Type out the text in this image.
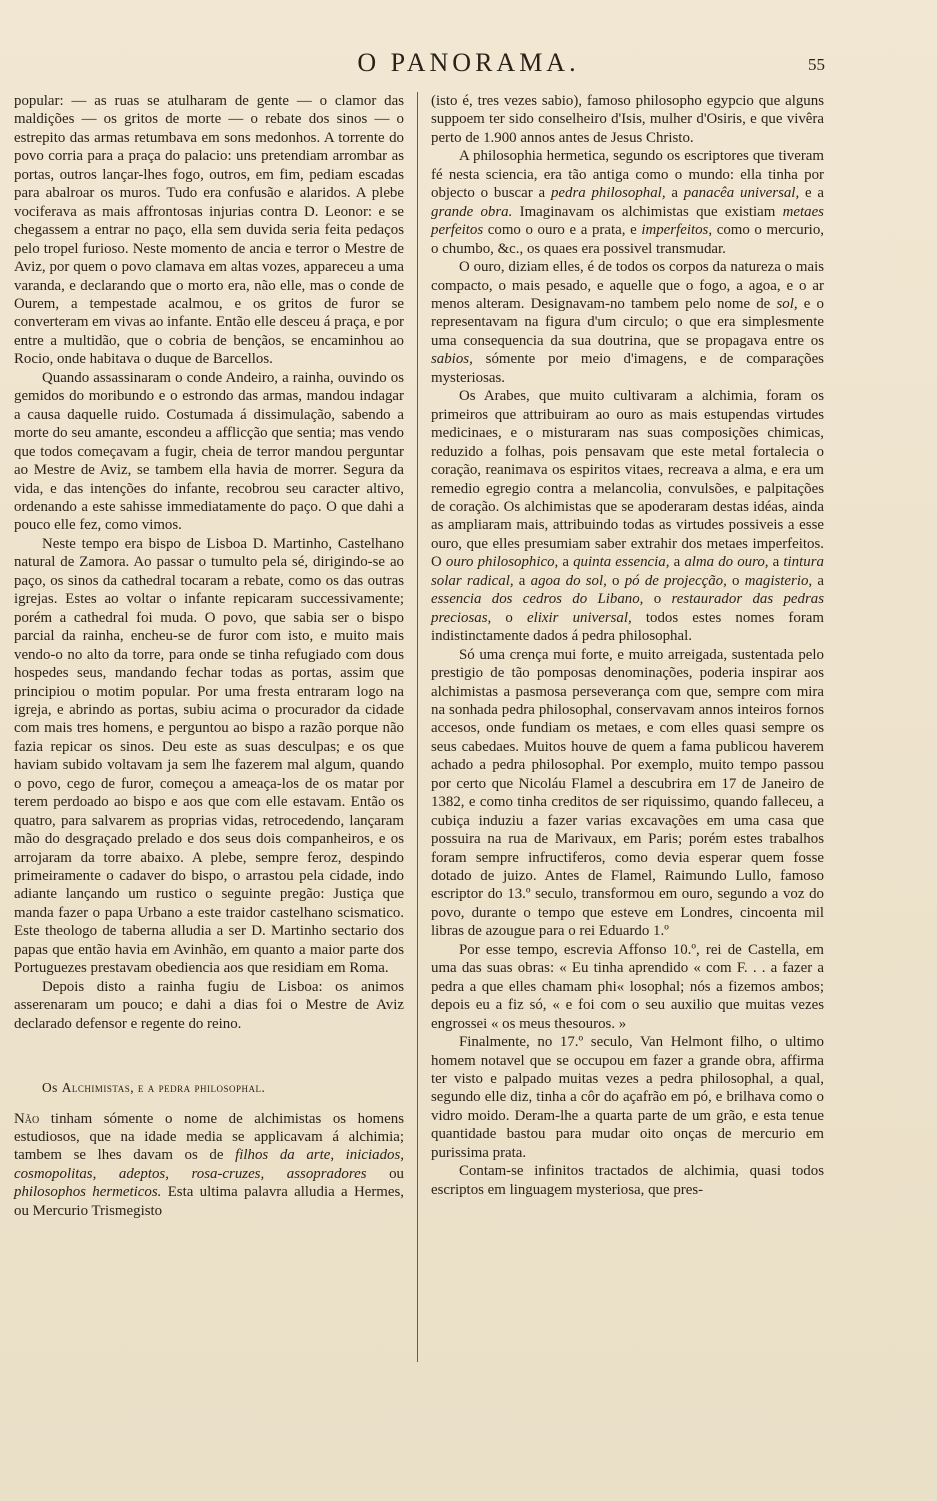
O PANORAMA.	55

popular: — as ruas se atulharam de gente — o clamor das maldições — os gritos de morte — o rebate dos sinos — o estrepito das armas retumbava em sons medonhos. A torrente do povo corria para a praça do palacio: uns pretendiam arrombar as portas, outros lançar-lhes fogo, outros, em fim, pediam escadas para abalroar os muros. Tudo era confusão e alaridos. A plebe vociferava as mais affrontosas injurias contra D. Leonor: e se chegassem a entrar no paço, ella sem duvida seria feita pedaços pelo tropel furioso. Neste momento de ancia e terror o Mestre de Aviz, por quem o povo clamava em altas vozes, appareceu a uma varanda, e declarando que o morto era, não elle, mas o conde de Ourem, a tempestade acalmou, e os gritos de furor se converteram em vivas ao infante. Então elle desceu á praça, e por entre a multidão, que o cobria de bençãos, se encaminhou ao Rocio, onde habitava o duque de Barcellos.

Quando assassinaram o conde Andeiro, a rainha, ouvindo os gemidos do moribundo e o estrondo das armas, mandou indagar a causa daquelle ruido. Costumada á dissimulação, sabendo a morte do seu amante, escondeu a afflicção que sentia; mas vendo que todos começavam a fugir, cheia de terror mandou perguntar ao Mestre de Aviz, se tambem ella havia de morrer. Segura da vida, e das intenções do infante, recobrou seu caracter altivo, ordenando a este sahisse immediatamente do paço. O que dahi a pouco elle fez, como vimos.

Neste tempo era bispo de Lisboa D. Martinho, Castelhano natural de Zamora. Ao passar o tumulto pela sé, dirigindo-se ao paço, os sinos da cathedral tocaram a rebate, como os das outras igrejas. Estes ao voltar o infante repicaram successivamente; porém a cathedral foi muda. O povo, que sabia ser o bispo parcial da rainha, encheu-se de furor com isto, e muito mais vendo-o no alto da torre, para onde se tinha refugiado com dous hospedes seus, mandando fechar todas as portas, assim que principiou o motim popular. Por uma fresta entraram logo na igreja, e abrindo as portas, subiu acima o procurador da cidade com mais tres homens, e perguntou ao bispo a razão porque não fazia repicar os sinos. Deu este as suas desculpas; e os que haviam subido voltavam ja sem lhe fazerem mal algum, quando o povo, cego de furor, começou a ameaça-los de os matar por terem perdoado ao bispo e aos que com elle estavam. Então os quatro, para salvarem as proprias vidas, retrocedendo, lançaram mão do desgraçado prelado e dos seus dois companheiros, e os arrojaram da torre abaixo. A plebe, sempre feroz, despindo primeiramente o cadaver do bispo, o arrastou pela cidade, indo adiante lançando um rustico o seguinte pregão: Justiça que manda fazer o papa Urbano a este traidor castelhano scismatico. Este theologo de taberna alludia a ser D. Martinho sectario dos papas que então havia em Avinhão, em quanto a maior parte dos Portuguezes prestavam obediencia aos que residiam em Roma.

Depois disto a rainha fugiu de Lisboa: os animos asserenaram um pouco; e dahi a dias foi o Mestre de Aviz declarado defensor e regente do reino.

Os Alchimistas, e a pedra philosophal.

Não tinham sómente o nome de alchimistas os homens estudiosos, que na idade media se applicavam á alchimia; tambem se lhes davam os de filhos da arte, iniciados, cosmopolitas, adeptos, rosa-cruzes, assopradores ou philosophos hermeticos. Esta ultima palavra alludia a Hermes, ou Mercurio Trismegisto

(isto é, tres vezes sabio), famoso philosopho egypcio que alguns suppoem ter sido conselheiro d'Isis, mulher d'Osiris, e que vivêra perto de 1.900 annos antes de Jesus Christo.

A philosophia hermetica, segundo os escriptores que tiveram fé nesta sciencia, era tão antiga como o mundo: ella tinha por objecto o buscar a pedra philosophal, a panacêa universal, e a grande obra. Imaginavam os alchimistas que existiam metaes perfeitos como o ouro e a prata, e imperfeitos, como o mercurio, o chumbo, &c., os quaes era possivel transmudar.

O ouro, diziam elles, é de todos os corpos da natureza o mais compacto, o mais pesado, e aquelle que o fogo, a agoa, e o ar menos alteram. Designavam-no tambem pelo nome de sol, e o representavam na figura d'um circulo; o que era simplesmente uma consequencia da sua doutrina, que se propagava entre os sabios, sómente por meio d'imagens, e de comparações mysteriosas.

Os Arabes, que muito cultivaram a alchimia, foram os primeiros que attribuiram ao ouro as mais estupendas virtudes medicinaes, e o misturaram nas suas composições chimicas, reduzido a folhas, pois pensavam que este metal fortalecia o coração, reanimava os espiritos vitaes, recreava a alma, e era um remedio egregio contra a melancolia, convulsões, e palpitações de coração. Os alchimistas que se apoderaram destas idéas, ainda as ampliaram mais, attribuindo todas as virtudes possiveis a esse ouro, que elles presumiam saber extrahir dos metaes imperfeitos. O ouro philosophico, a quinta essencia, a alma do ouro, a tintura solar radical, a agoa do sol, o pó de projecção, o magisterio, a essencia dos cedros do Libano, o restaurador das pedras preciosas, o elixir universal, todos estes nomes foram indistinctamente dados á pedra philosophal.

Só uma crença mui forte, e muito arreigada, sustentada pelo prestigio de tão pomposas denominações, poderia inspirar aos alchimistas a pasmosa perseverança com que, sempre com mira na sonhada pedra philosophal, conservavam annos inteiros fornos accesos, onde fundiam os metaes, e com elles quasi sempre os seus cabedaes. Muitos houve de quem a fama publicou haverem achado a pedra philosophal. Por exemplo, muito tempo passou por certo que Nicoláu Flamel a descubrira em 17 de Janeiro de 1382, e como tinha creditos de ser riquissimo, quando falleceu, a cubiça induziu a fazer varias excavações em uma casa que possuira na rua de Marivaux, em Paris; porém estes trabalhos foram sempre infructiferos, como devia esperar quem fosse dotado de juizo. Antes de Flamel, Raimundo Lullo, famoso escriptor do 13.º seculo, transformou em ouro, segundo a voz do povo, durante o tempo que esteve em Londres, cincoenta mil libras de azougue para o rei Eduardo 1.º

Por esse tempo, escrevia Affonso 10.º, rei de Castella, em uma das suas obras: « Eu tinha aprendido « com F. . . a fazer a pedra a que elles chamam phi« losophal; nós a fizemos ambos; depois eu a fiz só, « e foi com o seu auxilio que muitas vezes engrossei « os meus thesouros. »

Finalmente, no 17.º seculo, Van Helmont filho, o ultimo homem notavel que se occupou em fazer a grande obra, affirma ter visto e palpado muitas vezes a pedra philosophal, a qual, segundo elle diz, tinha a côr do açafrão em pó, e brilhava como o vidro moido. Deram-lhe a quarta parte de um grão, e esta tenue quantidade bastou para mudar oito onças de mercurio em purissima prata.

Contam-se infinitos tractados de alchimia, quasi todos escriptos em linguagem mysteriosa, que pres-
